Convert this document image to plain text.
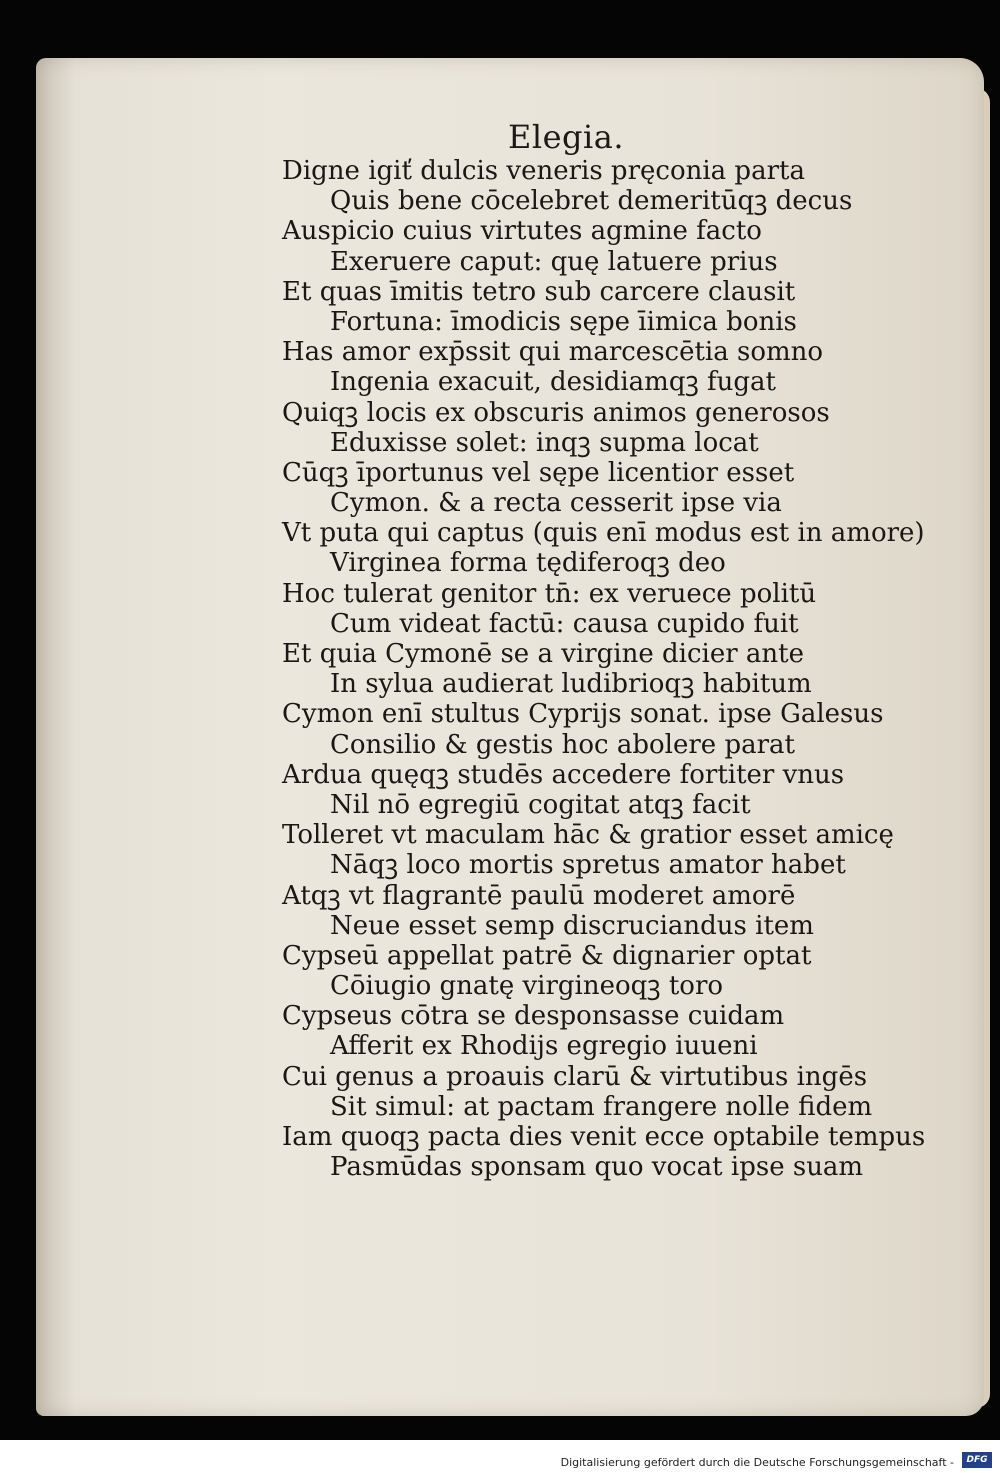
Elegia.
Digne igiť dulcis veneris pręconia parta
Quis bene cōcelebret demeritūqꝫ decus
Auspicio cuius virtutes agmine facto
Exeruere caput: quę latuere prius
Et quas īmitis tetro sub carcere clausit
Fortuna: īmodicis sępe īimica bonis
Has amor exp̄ssit qui marcescētia somno
Ingenia exacuit, desidiamqꝫ fugat
Quiqꝫ locis ex obscuris animos generosos
Eduxisse solet: inqꝫ supma locat
Cūqꝫ īportunus vel sępe licentior esset
Cymon. & a recta cesserit ipse via
Vt puta qui captus (quis enī modus est in amore)
Virginea forma tędiferoqꝫ deo
Hoc tulerat genitor tn̄: ex veruece politū
Cum videat factū: causa cupido fuit
Et quia Cymonē se a virgine dicier ante
In sylua audierat ludibrioqꝫ habitum
Cymon enī stultus Cyprijs sonat. ipse Galesus
Consilio & gestis hoc abolere parat
Ardua quęqꝫ studēs accedere fortiter vnus
Nil nō egregiū cogitat atqꝫ facit
Tolleret vt maculam hāc & gratior esset amicę
Nāqꝫ loco mortis spretus amator habet
Atqꝫ vt flagrantē paulū moderet amorē
Neue esset semp discruciandus item
Cypseū appellat patrē & dignarier optat
Cōiugio gnatę virgineoqꝫ toro
Cypseus cōtra se desponsasse cuidam
Afferit ex Rhodijs egregio iuueni
Cui genus a proauis clarū & virtutibus ingēs
Sit simul: at pactam frangere nolle fidem
Iam quoqꝫ pacta dies venit ecce optabile tempus
Pasmūdas sponsam quo vocat ipse suam
Digitalisierung gefördert durch die Deutsche Forschungsgemeinschaft -	DFG
